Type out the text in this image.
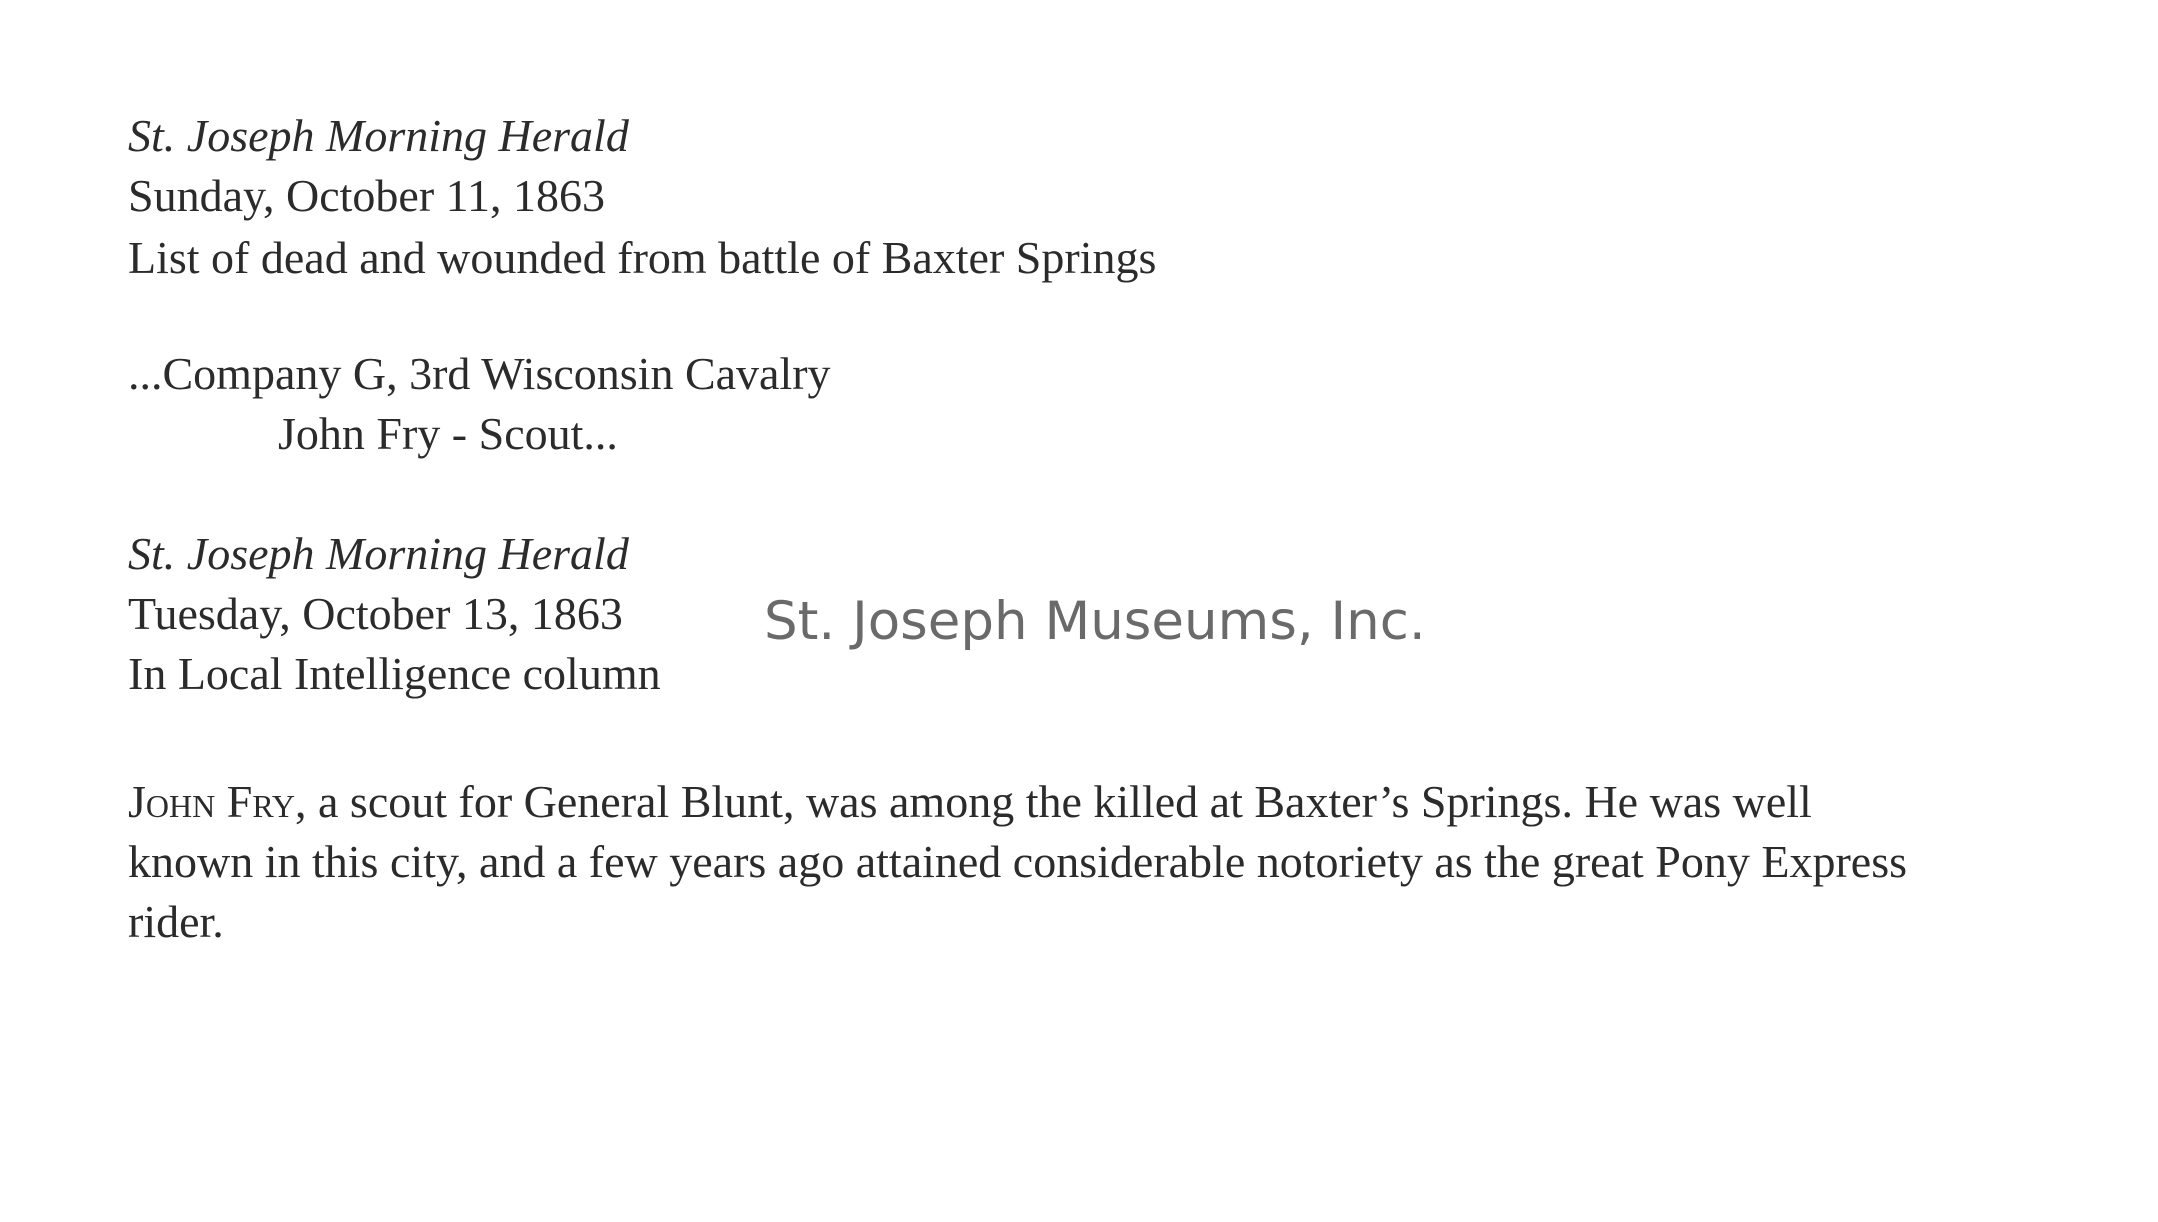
St. Joseph Morning Herald
Sunday, October 11, 1863
List of dead and wounded from battle of Baxter Springs
...Company G, 3rd Wisconsin Cavalry
John Fry - Scout...
St. Joseph Morning Herald
Tuesday, October 13, 1863
In Local Intelligence column
St. Joseph Museums, Inc.

John Fry, a scout for General Blunt, was among the killed at Baxter’s Springs. He was well
known in this city, and a few years ago attained considerable notoriety as the great Pony Express
rider.
